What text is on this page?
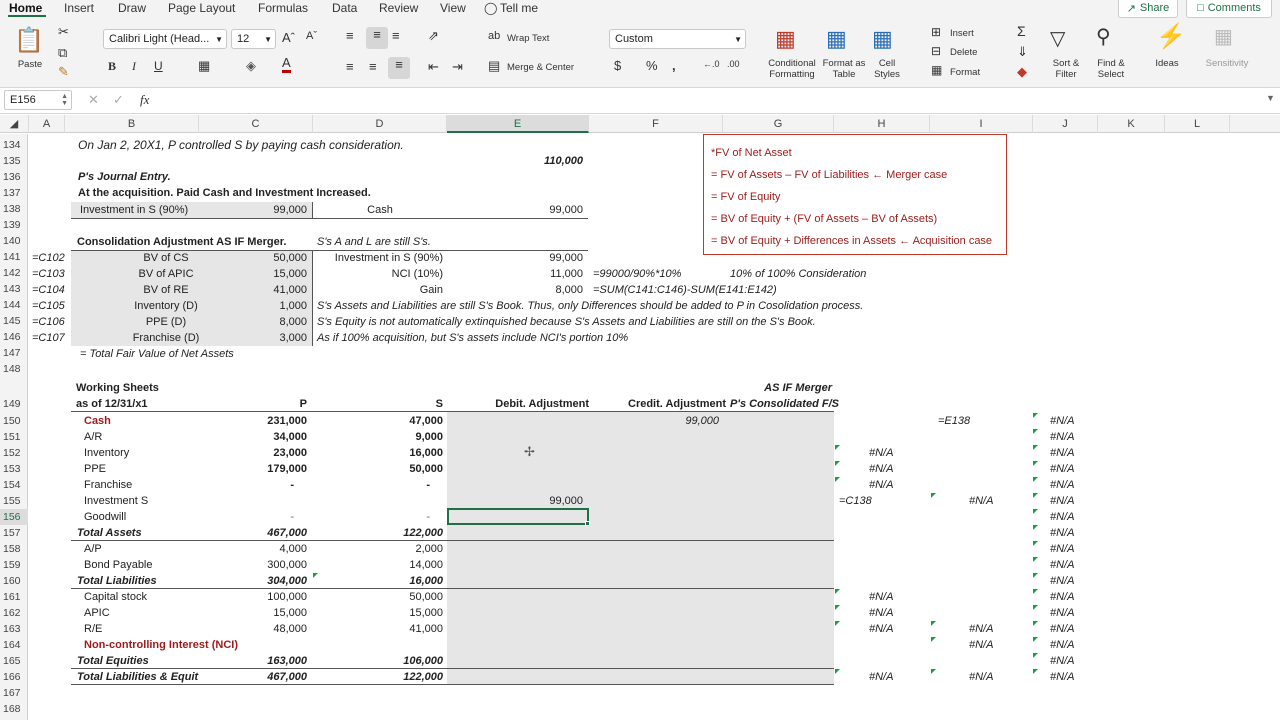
Home Insert Draw Page Layout Formulas Data Review View ◯ Tell me	↗ Share	□ Comments
📋
Paste
✂
⧉
✎
Calibri Light (Head... ▼ 12 ▼ Aˆ Aˇ
B I U	▦	◈ A
≡	≡ ≡
≡ ≡	≡
⇗
⇤ ⇥
ab Wrap Text
▤ Merge & Center
Custom	▼
$ % ,	←.0 .00
▦
Conditional Formatting
▦
Format as Table
▦
Cell Styles
⊞ Insert
⊟ Delete
▦ Format
Σ
⇓
◆
▽
Sort & Filter
⚲
Find & Select
⚡
Ideas
▦
Sensitivity
E156	▲
▼ ✕ ✓ fx	▼
◢	A	B	C	D	E	F	G	H	I	J	K	L
134
135
136
137
138
139
140
141
142
143
144
145
146
147
148
149
150
151
152
153
154
155
156
157
158
159
160
161
162
163
164
165
166
167
168
*FV of Net Asset
= FV of Assets – FV of Liabilities ← Merger case
= FV of Equity
= BV of Equity + (FV of Assets – BV of Assets)
= BV of Equity + Differences in Assets ← Acquisition case
On Jan 2, 20X1, P controlled S by paying cash consideration.
110,000
P's Journal Entry.
At the acquisition. Paid Cash and Investment Increased.
Investment in S (90%)	99,000	Cash	99,000
Consolidation Adjustment AS IF Merger.	S's A and L are still S's.
=C102	BV of CS	50,000	Investment in S (90%)	99,000
=C103	BV of APIC	15,000	NCI (10%)	11,000 =99000/90%*10%	10% of 100% Consideration
=C104	BV of RE	41,000	Gain	8,000 =SUM(C141:C146)-SUM(E141:E142)
=C105	Inventory (D)	1,000 S's Assets and Liabilities are still S's Book. Thus, only Differences should be added to P in Cosolidation process.
=C106	PPE (D)	8,000 S's Equity is not automatically extinquished because S's Assets and Liabilities are still on the S's Book.
=C107	Franchise (D)	3,000 As if 100% acquisition, but S's assets include NCI's portion 10%
= Total Fair Value of Net Assets
Working Sheets	AS IF Merger
as of 12/31/x1	P	S	Debit. Adjustment	Credit. Adjustment P's Consolidated F/S
Cash	231,000	47,000	99,000	=E138	#N/A
A/R	34,000	9,000	#N/A
Inventory	23,000	16,000	✢	#N/A	#N/A
PPE	179,000	50,000	#N/A	#N/A
Franchise	-	-	#N/A	#N/A
Investment S	99,000	=C138	#N/A	#N/A
Goodwill	-	-	#N/A
Total Assets	467,000	122,000	#N/A
A/P	4,000	2,000	#N/A
Bond Payable	300,000	14,000	#N/A
Total Liabilities	304,000	16,000	#N/A
Capital stock	100,000	50,000	#N/A	#N/A
APIC	15,000	15,000	#N/A	#N/A
R/E	48,000	41,000	#N/A	#N/A	#N/A
Non-controlling Interest (NCI)	#N/A	#N/A
Total Equities	163,000	106,000	#N/A
Total Liabilities & Equit	467,000	122,000	#N/A	#N/A	#N/A
